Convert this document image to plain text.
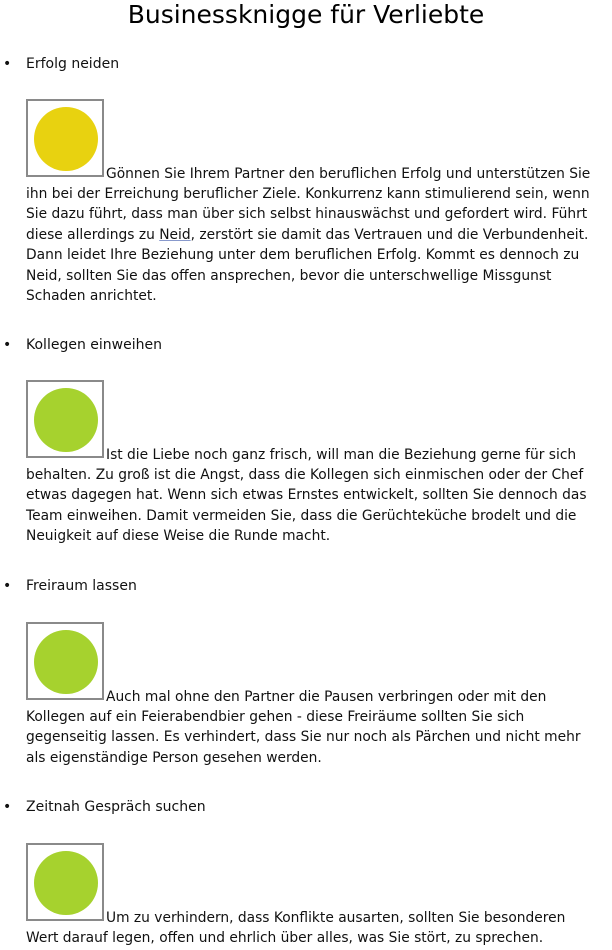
Businessknigge für Verliebte
• Erfolg neiden
Gönnen Sie Ihrem Partner den beruflichen Erfolg und unterstützen Sie
ihn bei der Erreichung beruflicher Ziele. Konkurrenz kann stimulierend sein, wenn
Sie dazu führt, dass man über sich selbst hinauswächst und gefordert wird. Führt
diese allerdings zu Neid, zerstört sie damit das Vertrauen und die Verbundenheit.
Dann leidet Ihre Beziehung unter dem beruflichen Erfolg. Kommt es dennoch zu
Neid, sollten Sie das offen ansprechen, bevor die unterschwellige Missgunst
Schaden anrichtet.
• Kollegen einweihen
Ist die Liebe noch ganz frisch, will man die Beziehung gerne für sich
behalten. Zu groß ist die Angst, dass die Kollegen sich einmischen oder der Chef
etwas dagegen hat. Wenn sich etwas Ernstes entwickelt, sollten Sie dennoch das
Team einweihen. Damit vermeiden Sie, dass die Gerüchteküche brodelt und die
Neuigkeit auf diese Weise die Runde macht.
• Freiraum lassen
Auch mal ohne den Partner die Pausen verbringen oder mit den
Kollegen auf ein Feierabendbier gehen - diese Freiräume sollten Sie sich
gegenseitig lassen. Es verhindert, dass Sie nur noch als Pärchen und nicht mehr
als eigenständige Person gesehen werden.
• Zeitnah Gespräch suchen
Um zu verhindern, dass Konflikte ausarten, sollten Sie besonderen
Wert darauf legen, offen und ehrlich über alles, was Sie stört, zu sprechen.
